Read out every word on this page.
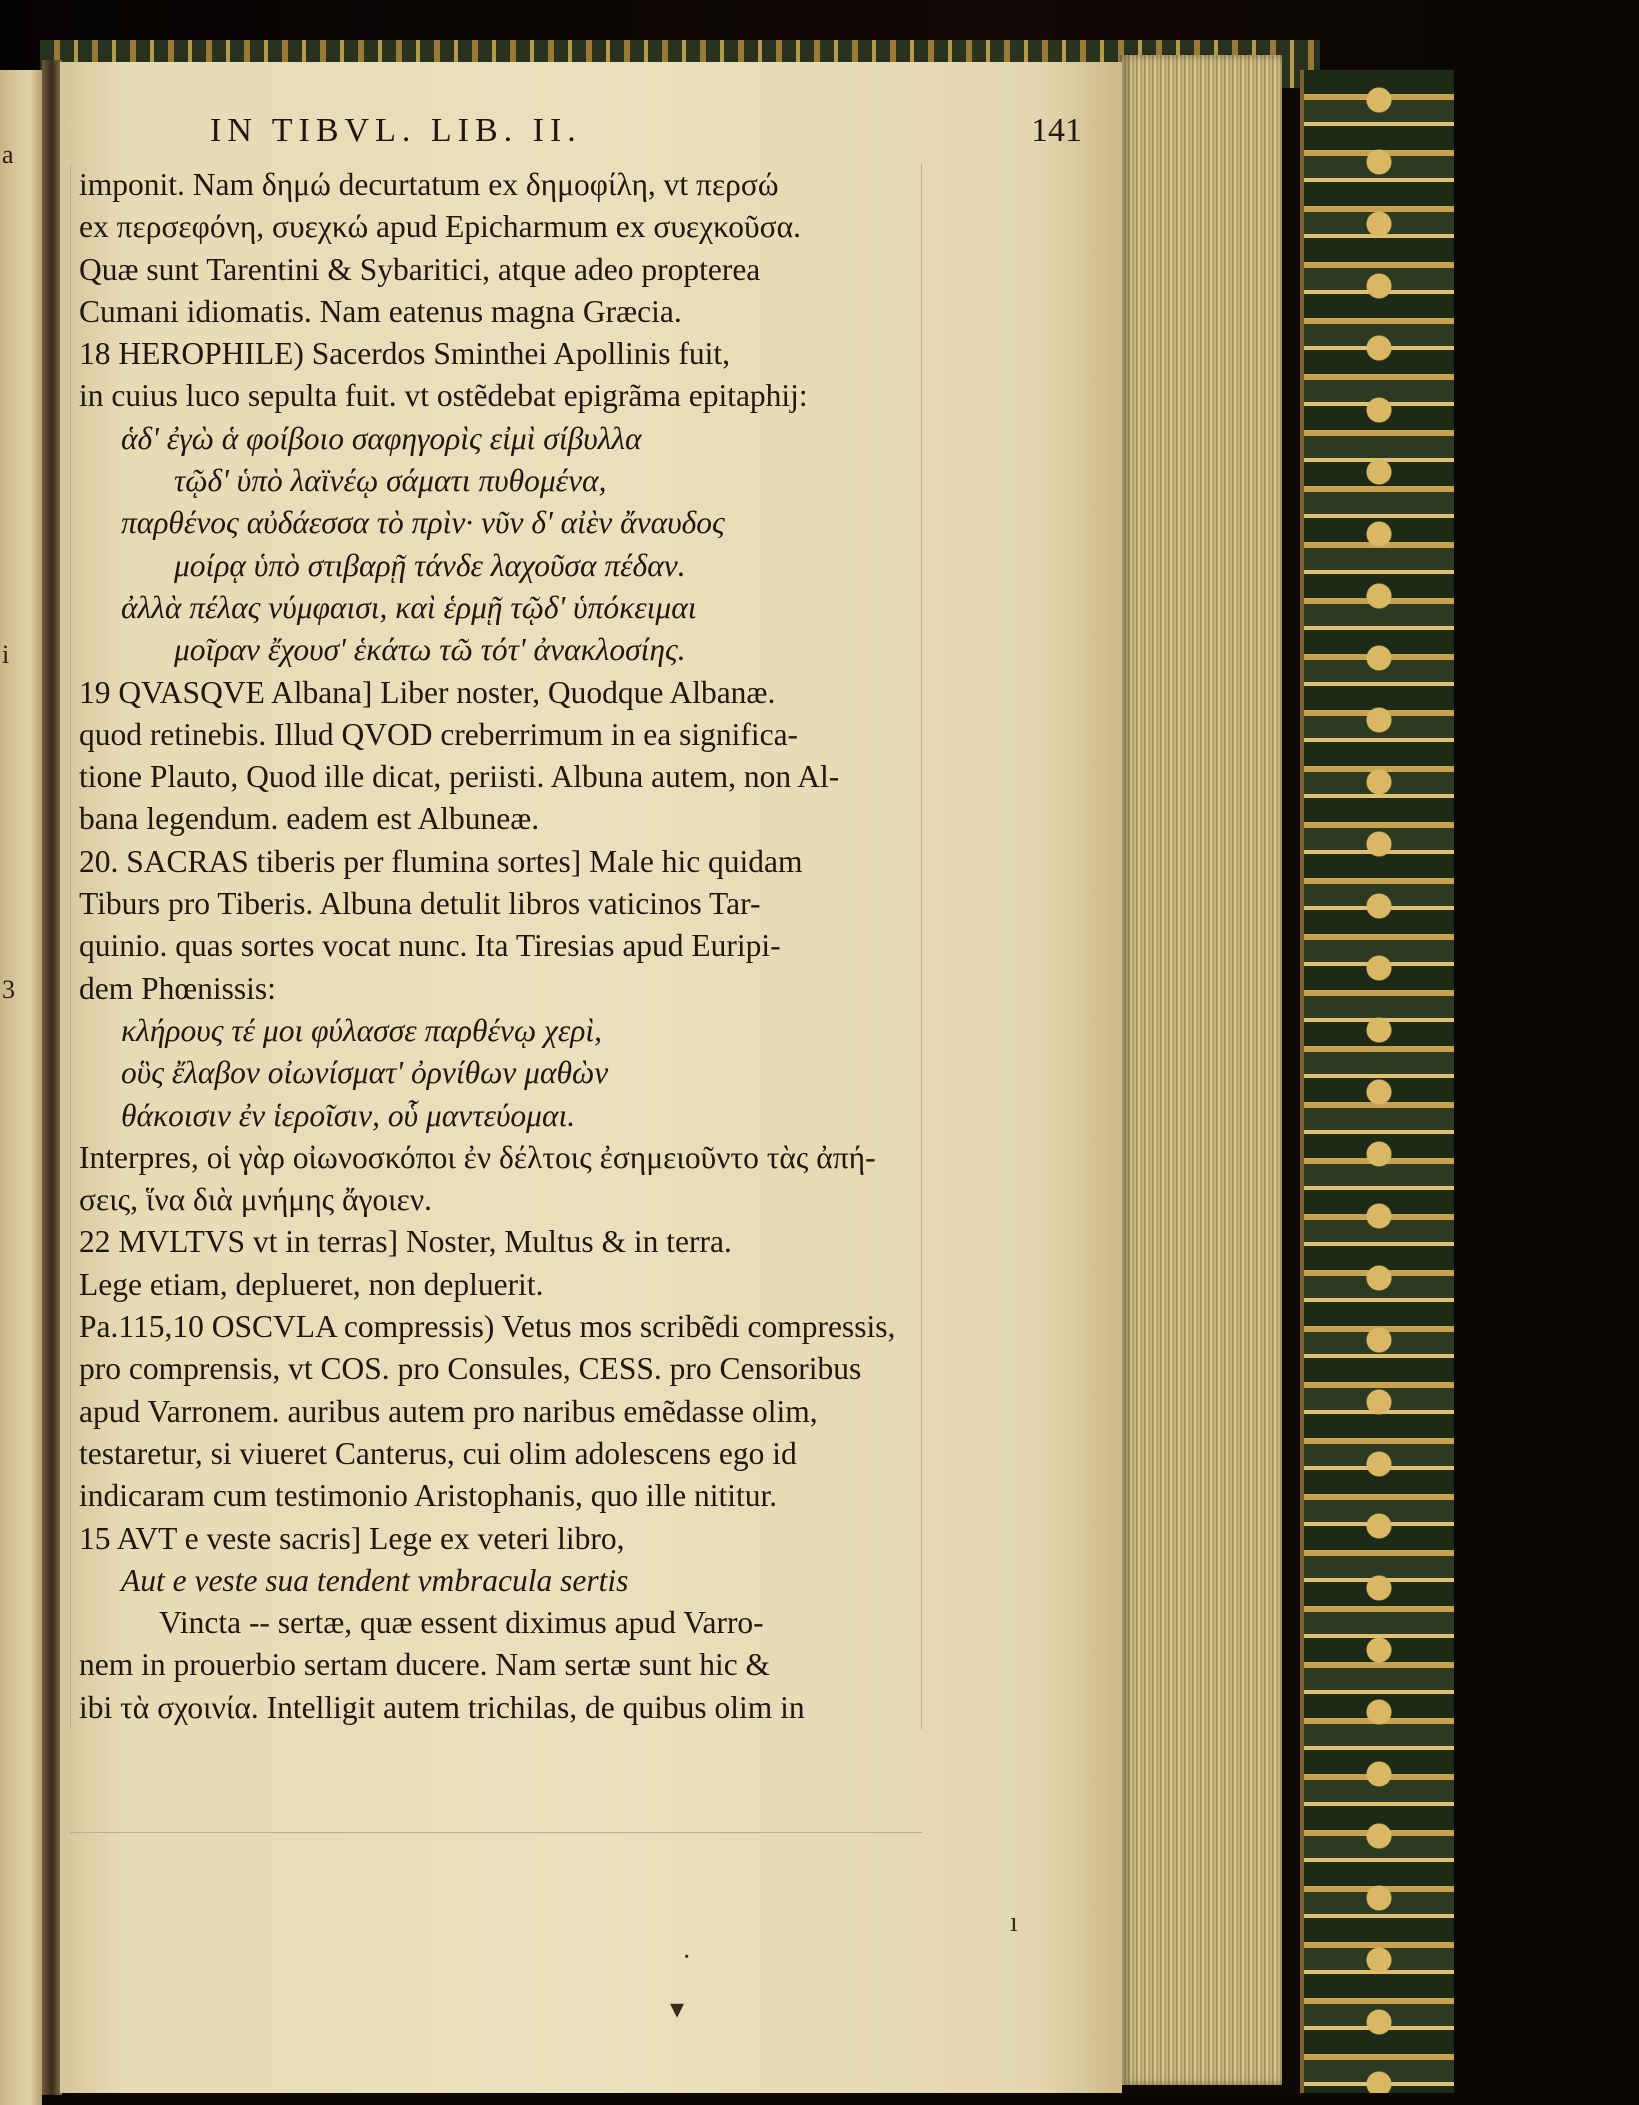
a
i
3
IN TIBVL. LIB. II.	141
imponit. Nam δημώ decurtatum ex δημοφίλη, vt περσώ
ex περσεφόνη, συεχκώ apud Epicharmum ex συεχκοῦσα.
Quæ sunt Tarentini & Sybaritici, atque adeo propterea
Cumani idiomatis. Nam eatenus magna Græcia.
18 HEROPHILE) Sacerdos Sminthei Apollinis fuit,
in cuius luco sepulta fuit. vt ostẽdebat epigrãma epitaphij:
ἁδ' ἐγὼ ἁ φοίβοιο σαφηγορὶς εἰμὶ σίβυλλα
τῷδ' ὑπὸ λαϊνέῳ σάματι πυθομένα,
παρθένος αὐδάεσσα τὸ πρὶν· νῦν δ' αἰὲν ἄναυδος
μοίρᾳ ὑπὸ στιβαρῇ τάνδε λαχοῦσα πέδαν.
ἀλλὰ πέλας νύμφαισι, καὶ ἑρμῇ τῷδ' ὑπόκειμαι
μοῖραν ἔχουσ' ἑκάτω τῶ τότ' ἀνακλοσίης.
19 QVASQVE Albana] Liber noster, Quodque Albanæ.
quod retinebis. Illud QVOD creberrimum in ea significa-
tione Plauto, Quod ille dicat, periisti. Albuna autem, non Al-
bana legendum. eadem est Albuneæ.
20. SACRAS tiberis per flumina sortes] Male hic quidam
Tiburs pro Tiberis. Albuna detulit libros vaticinos Tar-
quinio. quas sortes vocat nunc. Ita Tiresias apud Euripi-
dem Phœnissis:
κλήρους τέ μοι φύλασσε παρθένῳ χερὶ,
οὓς ἔλαβον οἰωνίσματ' ὀρνίθων μαθὼν
θάκοισιν ἐν ἱεροῖσιν, οὗ μαντεύομαι.
Interpres, οἱ γὰρ οἰωνοσκόποι ἐν δέλτοις ἐσημειοῦντο τὰς ἀπή-
σεις, ἵνα διὰ μνήμης ἄγοιεν.
22 MVLTVS vt in terras] Noster, Multus & in terra.
Lege etiam, deplueret, non depluerit.
Pa.115,10 OSCVLA compressis) Vetus mos scribẽdi compressis,
pro comprensis, vt COS. pro Consules, CESS. pro Censoribus
apud Varronem. auribus autem pro naribus emẽdasse olim,
testaretur, si viueret Canterus, cui olim adolescens ego id
indicaram cum testimonio Aristophanis, quo ille nititur.
15 AVT e veste sacris] Lege ex veteri libro,
Aut e veste sua tendent vmbracula sertis
Vincta -- sertæ, quæ essent diximus apud Varro-
nem in prouerbio sertam ducere. Nam sertæ sunt hic &
ibi τὰ σχοινία. Intelligit autem trichilas, de quibus olim in
·
▾
ı
